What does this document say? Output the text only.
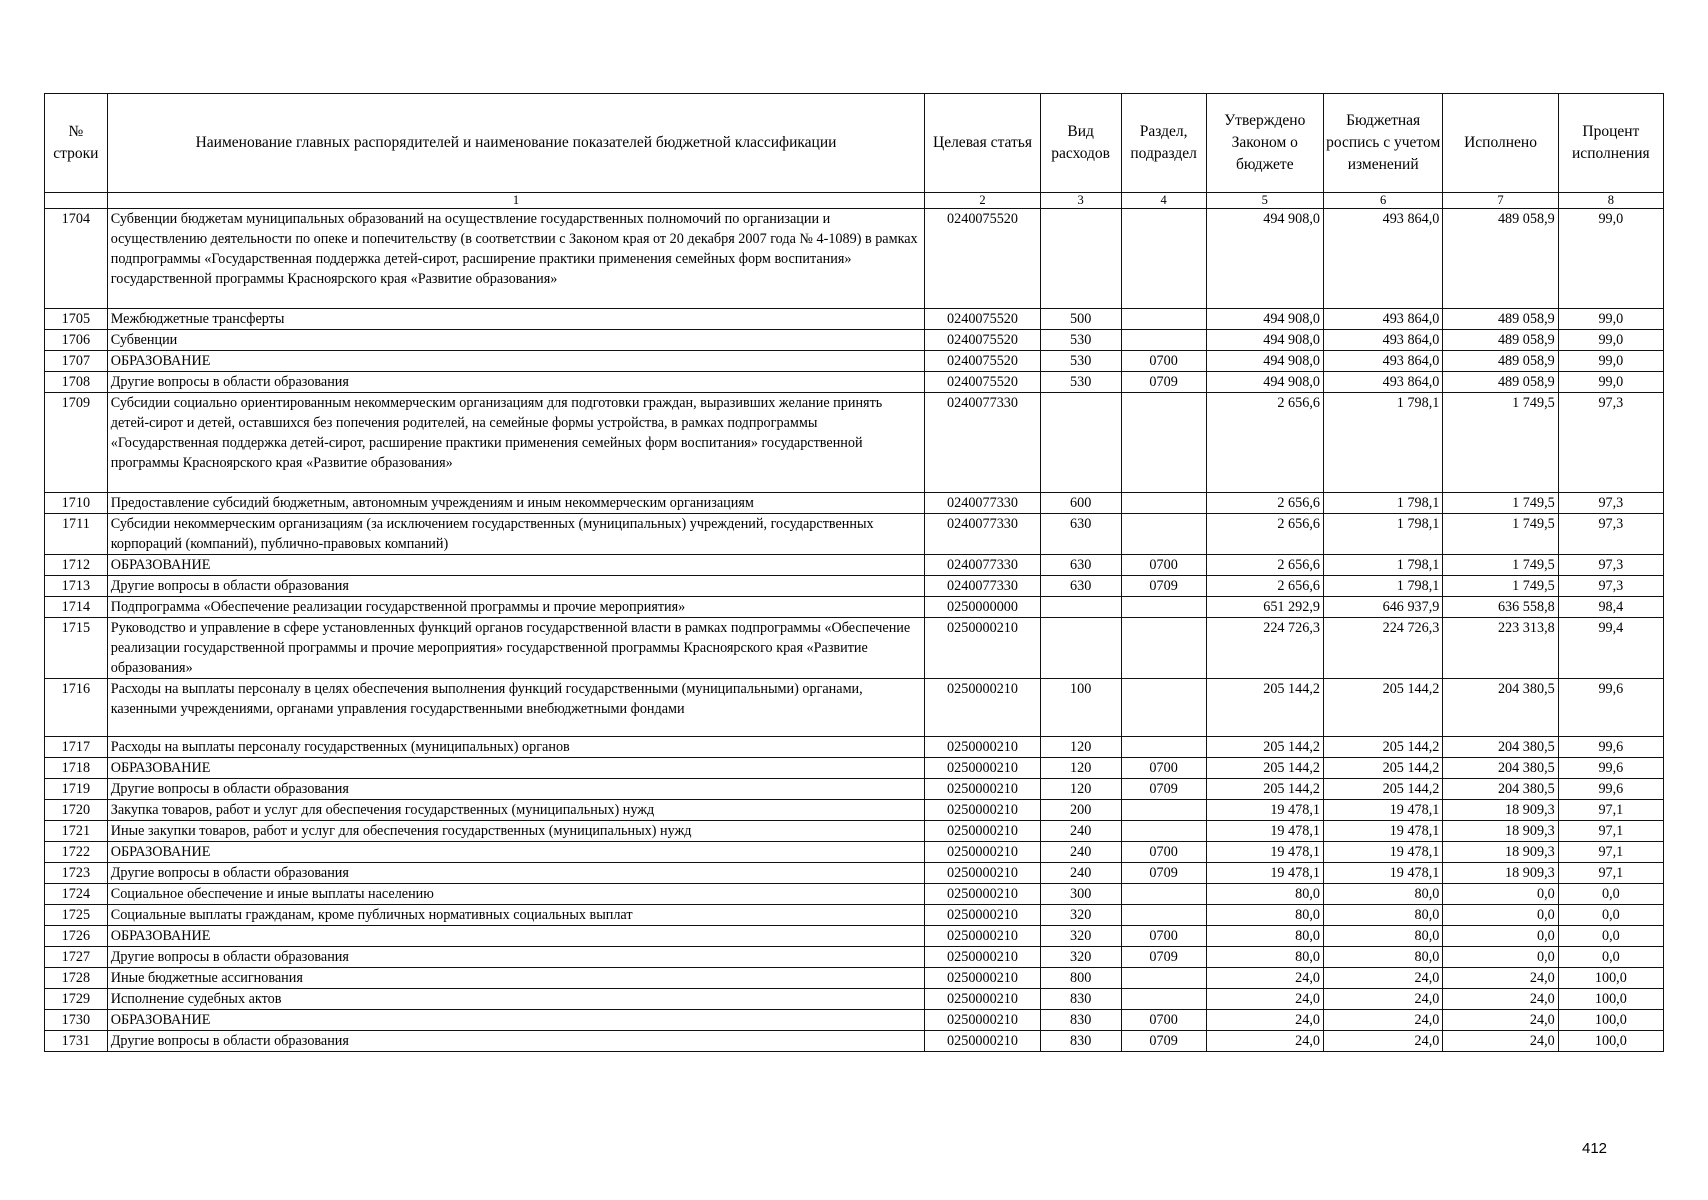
№ строки	Наименование главных распорядителей и наименование показателей бюджетной классификации	Целевая статья	Вид расходов	Раздел, подраздел	Утверждено Законом о бюджете	Бюджетная роспись с учетом изменений	Исполнено	Процент исполнения
	1	2	3	4	5	6	7	8
1704	Субвенции бюджетам муниципальных образований на осуществление государственных полномочий по организации и осуществлению деятельности по опеке и попечительству (в соответствии с Законом края от 20 декабря 2007 года № 4-1089) в рамках подпрограммы «Государственная поддержка детей-сирот, расширение практики применения семейных форм воспитания» государственной программы Красноярского края «Развитие образования»	0240075520			494 908,0	493 864,0	489 058,9	99,0
1705	Межбюджетные трансферты	0240075520	500		494 908,0	493 864,0	489 058,9	99,0
1706	Субвенции	0240075520	530		494 908,0	493 864,0	489 058,9	99,0
1707	ОБРАЗОВАНИЕ	0240075520	530	0700	494 908,0	493 864,0	489 058,9	99,0
1708	Другие вопросы в области образования	0240075520	530	0709	494 908,0	493 864,0	489 058,9	99,0
1709	Субсидии социально ориентированным некоммерческим организациям для подготовки граждан, выразивших желание принять детей-сирот и детей, оставшихся без попечения родителей, на семейные формы устройства, в рамках подпрограммы «Государственная поддержка детей-сирот, расширение практики применения семейных форм воспитания» государственной программы Красноярского края «Развитие образования»	0240077330			2 656,6	1 798,1	1 749,5	97,3
1710	Предоставление субсидий бюджетным, автономным учреждениям и иным некоммерческим организациям	0240077330	600		2 656,6	1 798,1	1 749,5	97,3
1711	Субсидии некоммерческим организациям (за исключением государственных (муниципальных) учреждений, государственных корпораций (компаний), публично-правовых компаний)	0240077330	630		2 656,6	1 798,1	1 749,5	97,3
1712	ОБРАЗОВАНИЕ	0240077330	630	0700	2 656,6	1 798,1	1 749,5	97,3
1713	Другие вопросы в области образования	0240077330	630	0709	2 656,6	1 798,1	1 749,5	97,3
1714	Подпрограмма «Обеспечение реализации государственной программы и прочие мероприятия»	0250000000			651 292,9	646 937,9	636 558,8	98,4
1715	Руководство и управление в сфере установленных функций органов государственной власти в рамках подпрограммы «Обеспечение реализации государственной программы и прочие мероприятия» государственной программы Красноярского края «Развитие образования»	0250000210			224 726,3	224 726,3	223 313,8	99,4
1716	Расходы на выплаты персоналу в целях обеспечения выполнения функций государственными (муниципальными) органами, казенными учреждениями, органами управления государственными внебюджетными фондами	0250000210	100		205 144,2	205 144,2	204 380,5	99,6
1717	Расходы на выплаты персоналу государственных (муниципальных) органов	0250000210	120		205 144,2	205 144,2	204 380,5	99,6
1718	ОБРАЗОВАНИЕ	0250000210	120	0700	205 144,2	205 144,2	204 380,5	99,6
1719	Другие вопросы в области образования	0250000210	120	0709	205 144,2	205 144,2	204 380,5	99,6
1720	Закупка товаров, работ и услуг для обеспечения государственных (муниципальных) нужд	0250000210	200		19 478,1	19 478,1	18 909,3	97,1
1721	Иные закупки товаров, работ и услуг для обеспечения государственных (муниципальных) нужд	0250000210	240		19 478,1	19 478,1	18 909,3	97,1
1722	ОБРАЗОВАНИЕ	0250000210	240	0700	19 478,1	19 478,1	18 909,3	97,1
1723	Другие вопросы в области образования	0250000210	240	0709	19 478,1	19 478,1	18 909,3	97,1
1724	Социальное обеспечение и иные выплаты населению	0250000210	300		80,0	80,0	0,0	0,0
1725	Социальные выплаты гражданам, кроме публичных нормативных социальных выплат	0250000210	320		80,0	80,0	0,0	0,0
1726	ОБРАЗОВАНИЕ	0250000210	320	0700	80,0	80,0	0,0	0,0
1727	Другие вопросы в области образования	0250000210	320	0709	80,0	80,0	0,0	0,0
1728	Иные бюджетные ассигнования	0250000210	800		24,0	24,0	24,0	100,0
1729	Исполнение судебных актов	0250000210	830		24,0	24,0	24,0	100,0
1730	ОБРАЗОВАНИЕ	0250000210	830	0700	24,0	24,0	24,0	100,0
1731	Другие вопросы в области образования	0250000210	830	0709	24,0	24,0	24,0	100,0
412
